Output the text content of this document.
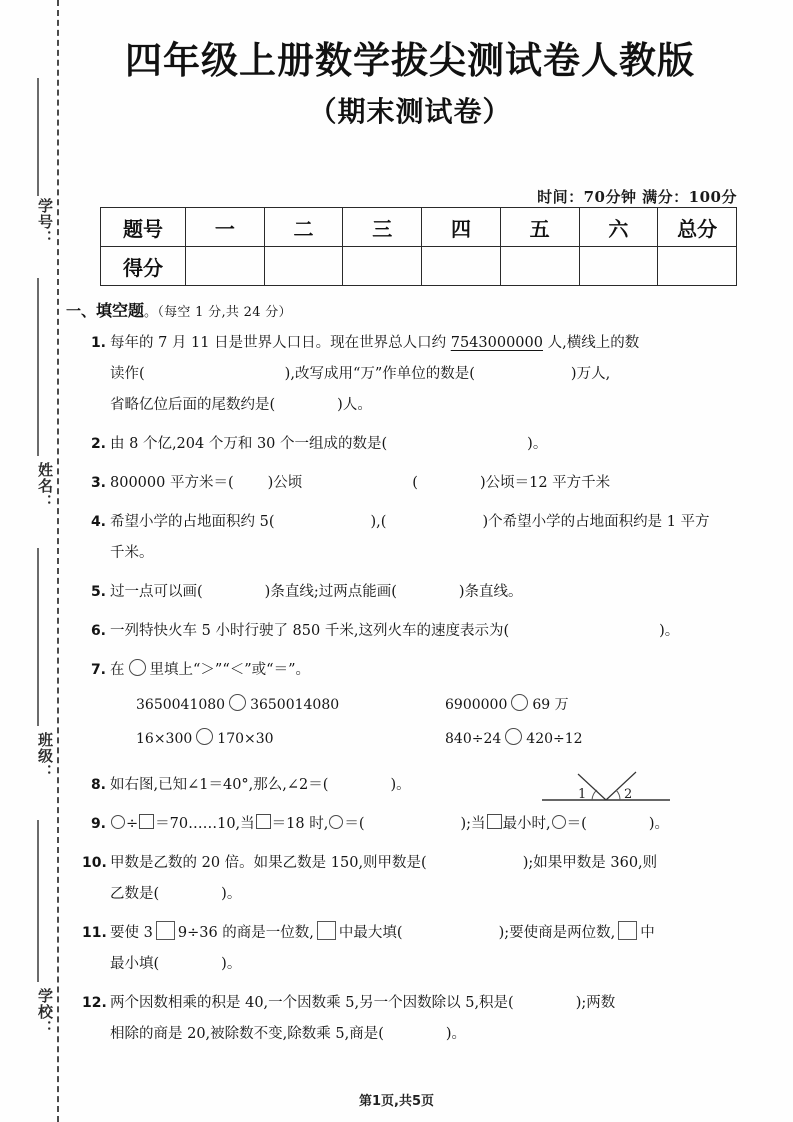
学号：
姓名：
班级：
学校：
四年级上册数学拔尖测试卷人教版
（期末测试卷）
时间：70分钟 满分：100分
题号	一	二	三	四	五	六	总分
得分							
一、填空题。（每空 1 分,共 24 分）
1. 每年的 7 月 11 日是世界人口日。现在世界总人口约 7543000000 人,横线上的数
读作(	),改写成用“万”作单位的数是(	)万人,
省略亿位后面的尾数约是(	)人。
2. 由 8 个亿,204 个万和 30 个一组成的数是(	)。
3. 800000 平方米＝( )公顷	(	)公顷＝12 平方千米
4. 希望小学的占地面积约 5(	),(	)个希望小学的占地面积约是 1 平方
千米。
5. 过一点可以画(	)条直线;过两点能画(	)条直线。
6. 一列特快火车 5 小时行驶了 850 千米,这列火车的速度表示为(	)。
7. 在 里填上“＞”“＜”或“＝”。
3650041080 3650014080	6900000 69 万
16×300 170×30	840÷24 420÷12
8. 如右图,已知∠1＝40°,那么,∠2＝(	)。
9.	÷ ＝70……10,当 ＝18 时, ＝(	);当 最小时, ＝(	)。
10. 甲数是乙数的 20 倍。如果乙数是 150,则甲数是(	);如果甲数是 360,则
乙数是(	)。
11. 要使 3 9÷36 的商是一位数, 中最大填(	);要使商是两位数, 中
最小填(	)。
12. 两个因数相乘的积是 40,一个因数乘 5,另一个因数除以 5,积是(	);两数
相除的商是 20,被除数不变,除数乘 5,商是(	)。
1	2
第1页,共5页
